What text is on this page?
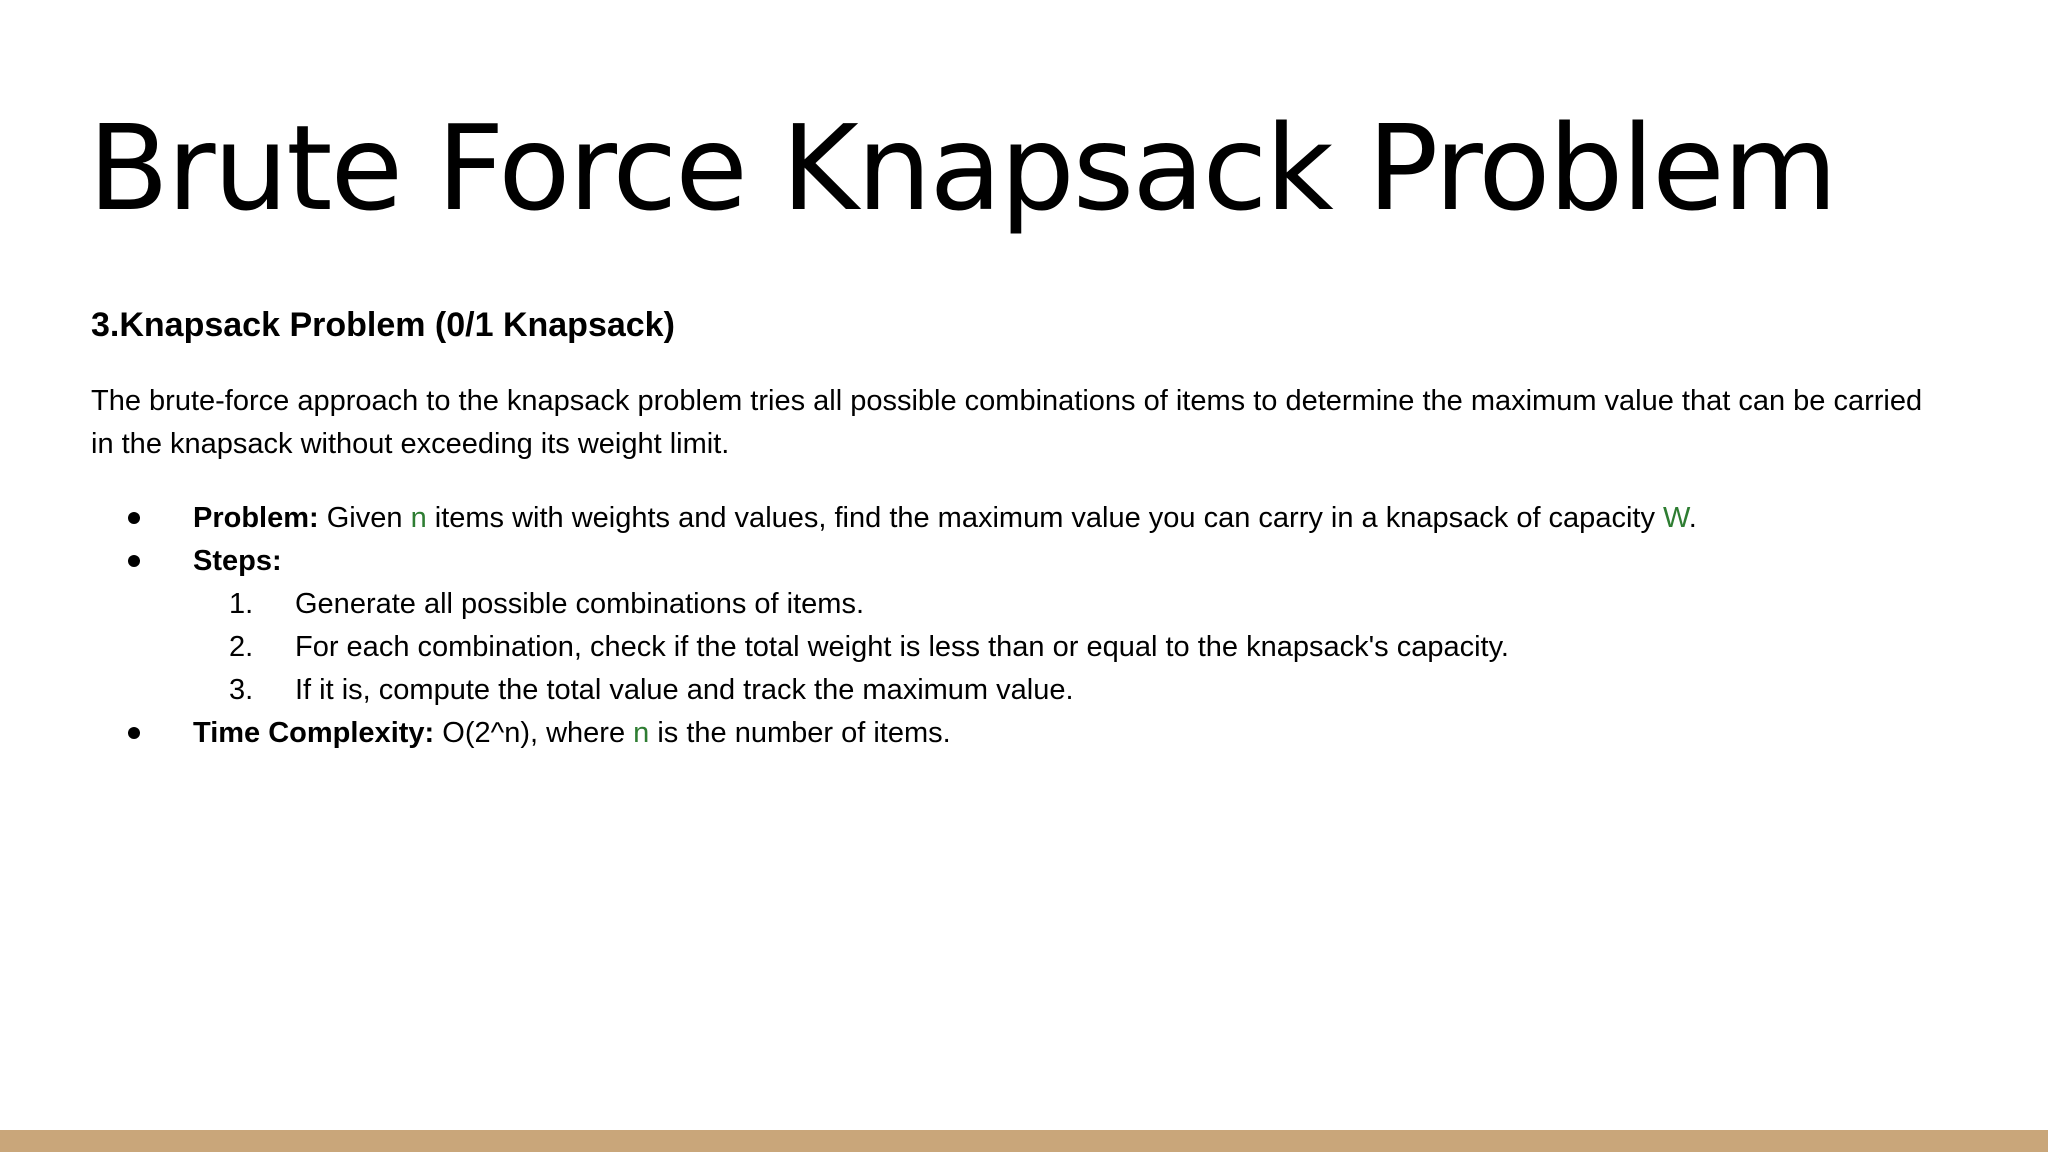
Brute Force Knapsack Problem
3.Knapsack Problem (0/1 Knapsack)

The brute-force approach to the knapsack problem tries all possible combinations of items to determine the maximum value that can be carried in the knapsack without exceeding its weight limit.

Problem: Given n items with weights and values, find the maximum value you can carry in a knapsack of capacity W.
Steps:
1. Generate all possible combinations of items.
2. For each combination, check if the total weight is less than or equal to the knapsack's capacity.
3. If it is, compute the total value and track the maximum value.
Time Complexity: O(2^n), where n is the number of items.
